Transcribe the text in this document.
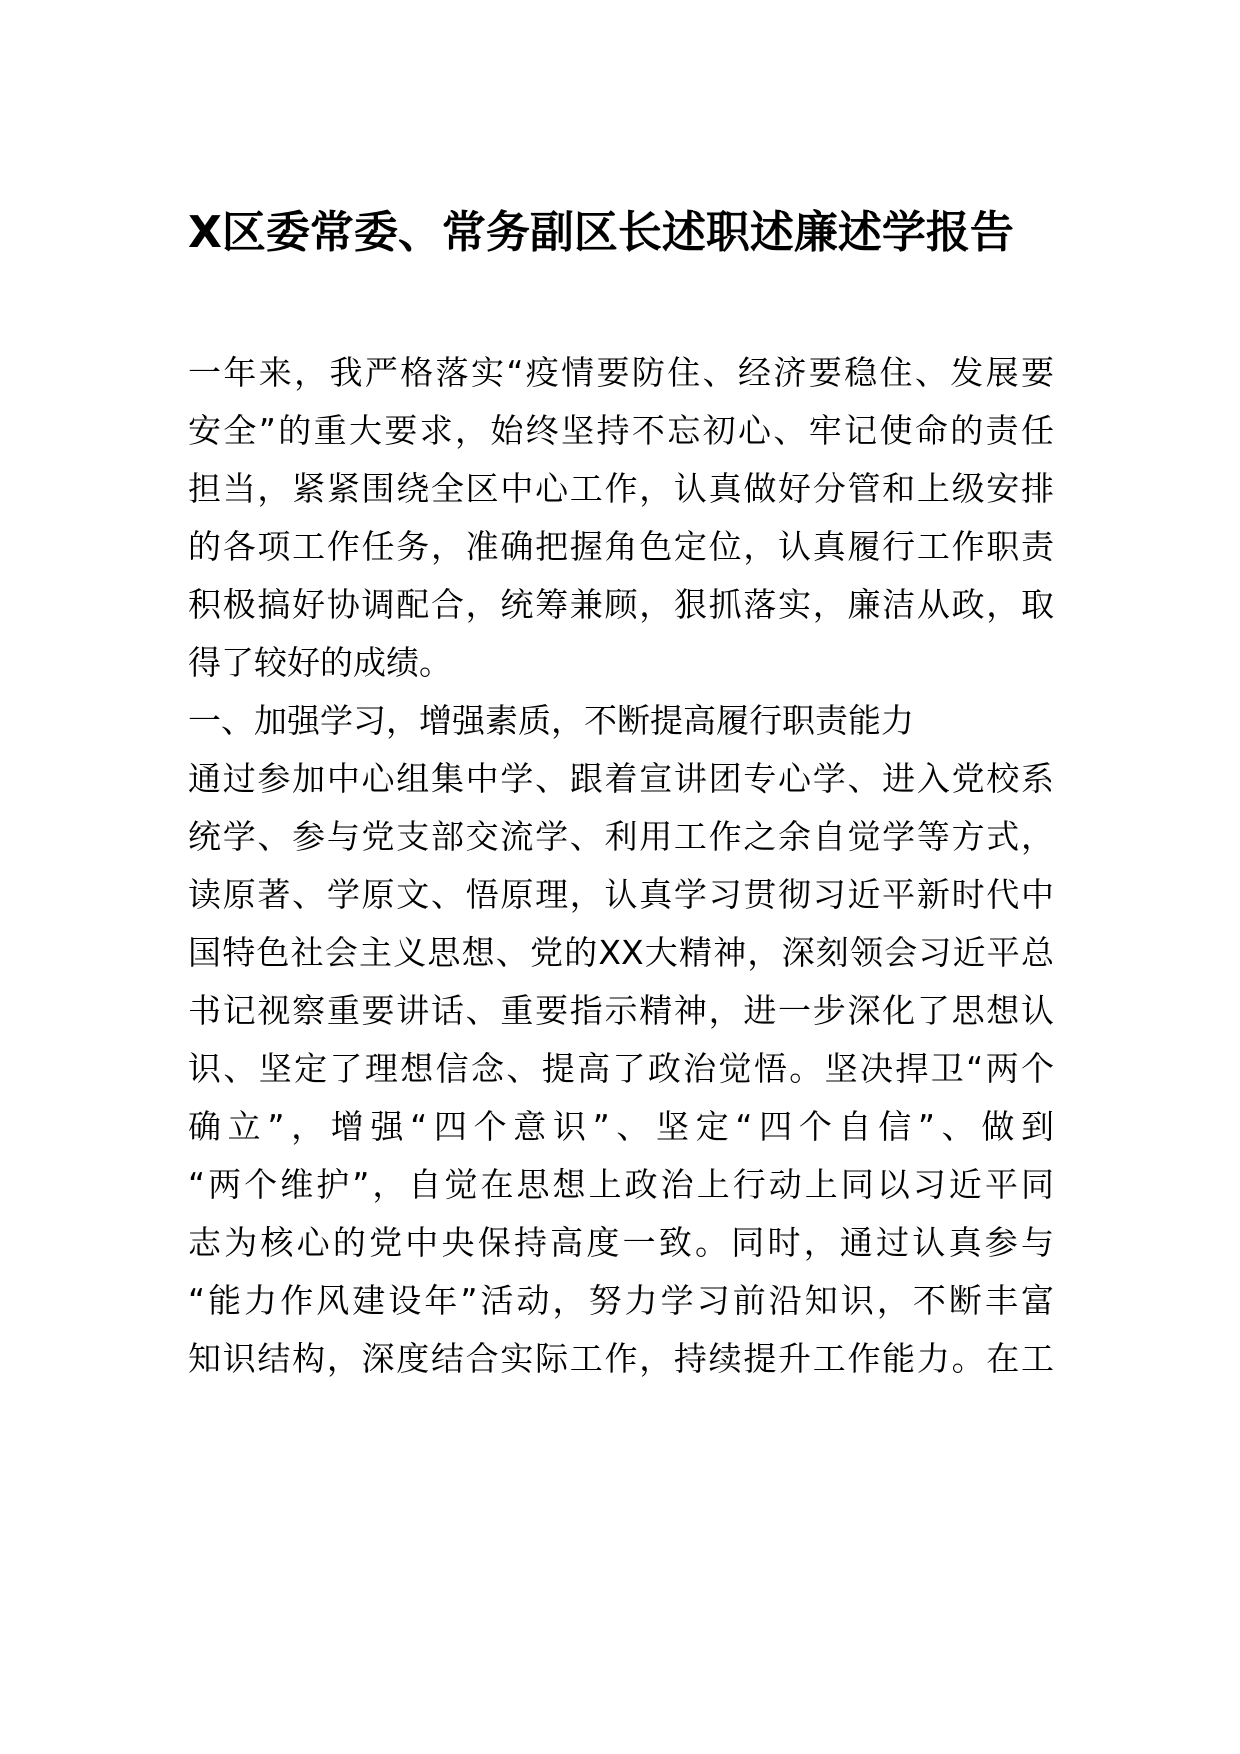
X区委常委、常务副区长述职述廉述学报告

一年来，我严格落实“疫情要防住、经济要稳住、发展要

安全”的重大要求，始终坚持不忘初心、牢记使命的责任

担当，紧紧围绕全区中心工作，认真做好分管和上级安排

的各项工作任务，准确把握角色定位，认真履行工作职责

积极搞好协调配合，统筹兼顾，狠抓落实，廉洁从政，取

得了较好的成绩。

一、加强学习，增强素质，不断提高履行职责能力

通过参加中心组集中学、跟着宣讲团专心学、进入党校系

统学、参与党支部交流学、利用工作之余自觉学等方式，

读原著、学原文、悟原理，认真学习贯彻习近平新时代中

国特色社会主义思想、党的XX大精神，深刻领会习近平总

书记视察重要讲话、重要指示精神，进一步深化了思想认

识、坚定了理想信念、提高了政治觉悟。坚决捍卫“两个

确立”，增强“四个意识”、坚定“四个自信”、做到

“两个维护”，自觉在思想上政治上行动上同以习近平同

志为核心的党中央保持高度一致。同时，通过认真参与

“能力作风建设年”活动，努力学习前沿知识，不断丰富

知识结构，深度结合实际工作，持续提升工作能力。在工
